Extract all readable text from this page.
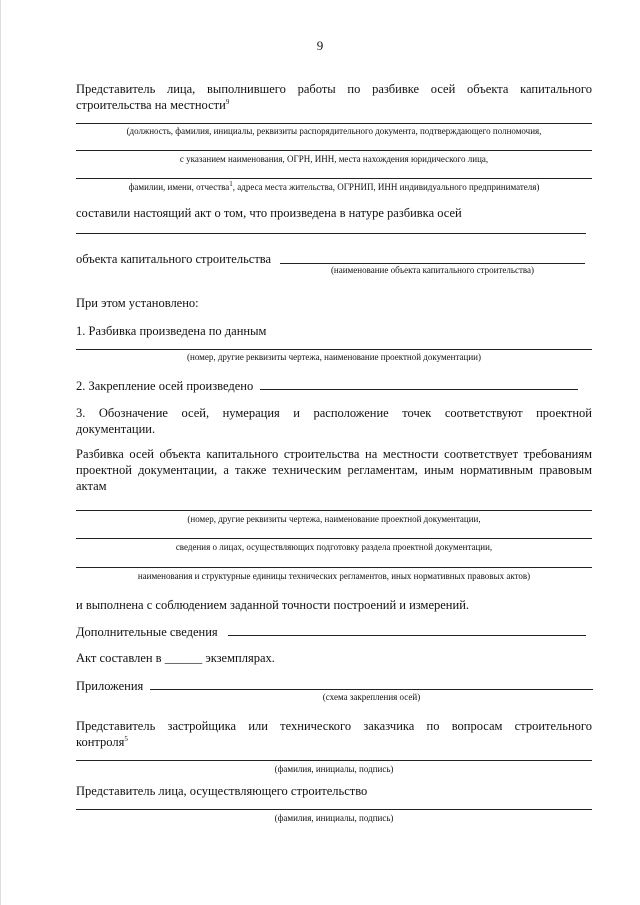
9
Представитель лица, выполнившего работы по разбивке осей объекта капитального
строительства на местности$^9$
(должность, фамилия, инициалы, реквизиты распорядительного документа, подтверждающего полномочия,
с указанием наименования, ОГРН, ИНН, места нахождения юридического лица,
фамилии, имени, отчества$^1$, адреса места жительства, ОГРНИП, ИНН индивидуального предпринимателя)
составили настоящий акт о том, что произведена в натуре разбивка осей
объекта капитального строительства
(наименование объекта капитального строительства)
При этом установлено:
1. Разбивка произведена по данным
(номер, другие реквизиты чертежа, наименование проектной документации)
2. Закрепление осей произведено
3. Обозначение осей, нумерация и расположение точек соответствуют проектной
документации.
Разбивка осей объекта капитального строительства на местности соответствует требованиям
проектной документации, а также техническим регламентам, иным нормативным правовым
актам
(номер, другие реквизиты чертежа, наименование проектной документации,
сведения о лицах, осуществляющих подготовку раздела проектной документации,
наименования и структурные единицы технических регламентов, иных нормативных правовых актов)
и выполнена с соблюдением заданной точности построений и измерений.
Дополнительные сведения
Акт составлен в ______ экземплярах.
Приложения
(схема закрепления осей)
Представитель застройщика или технического заказчика по вопросам строительного
контроля$^5$
(фамилия, инициалы, подпись)
Представитель лица, осуществляющего строительство
(фамилия, инициалы, подпись)
